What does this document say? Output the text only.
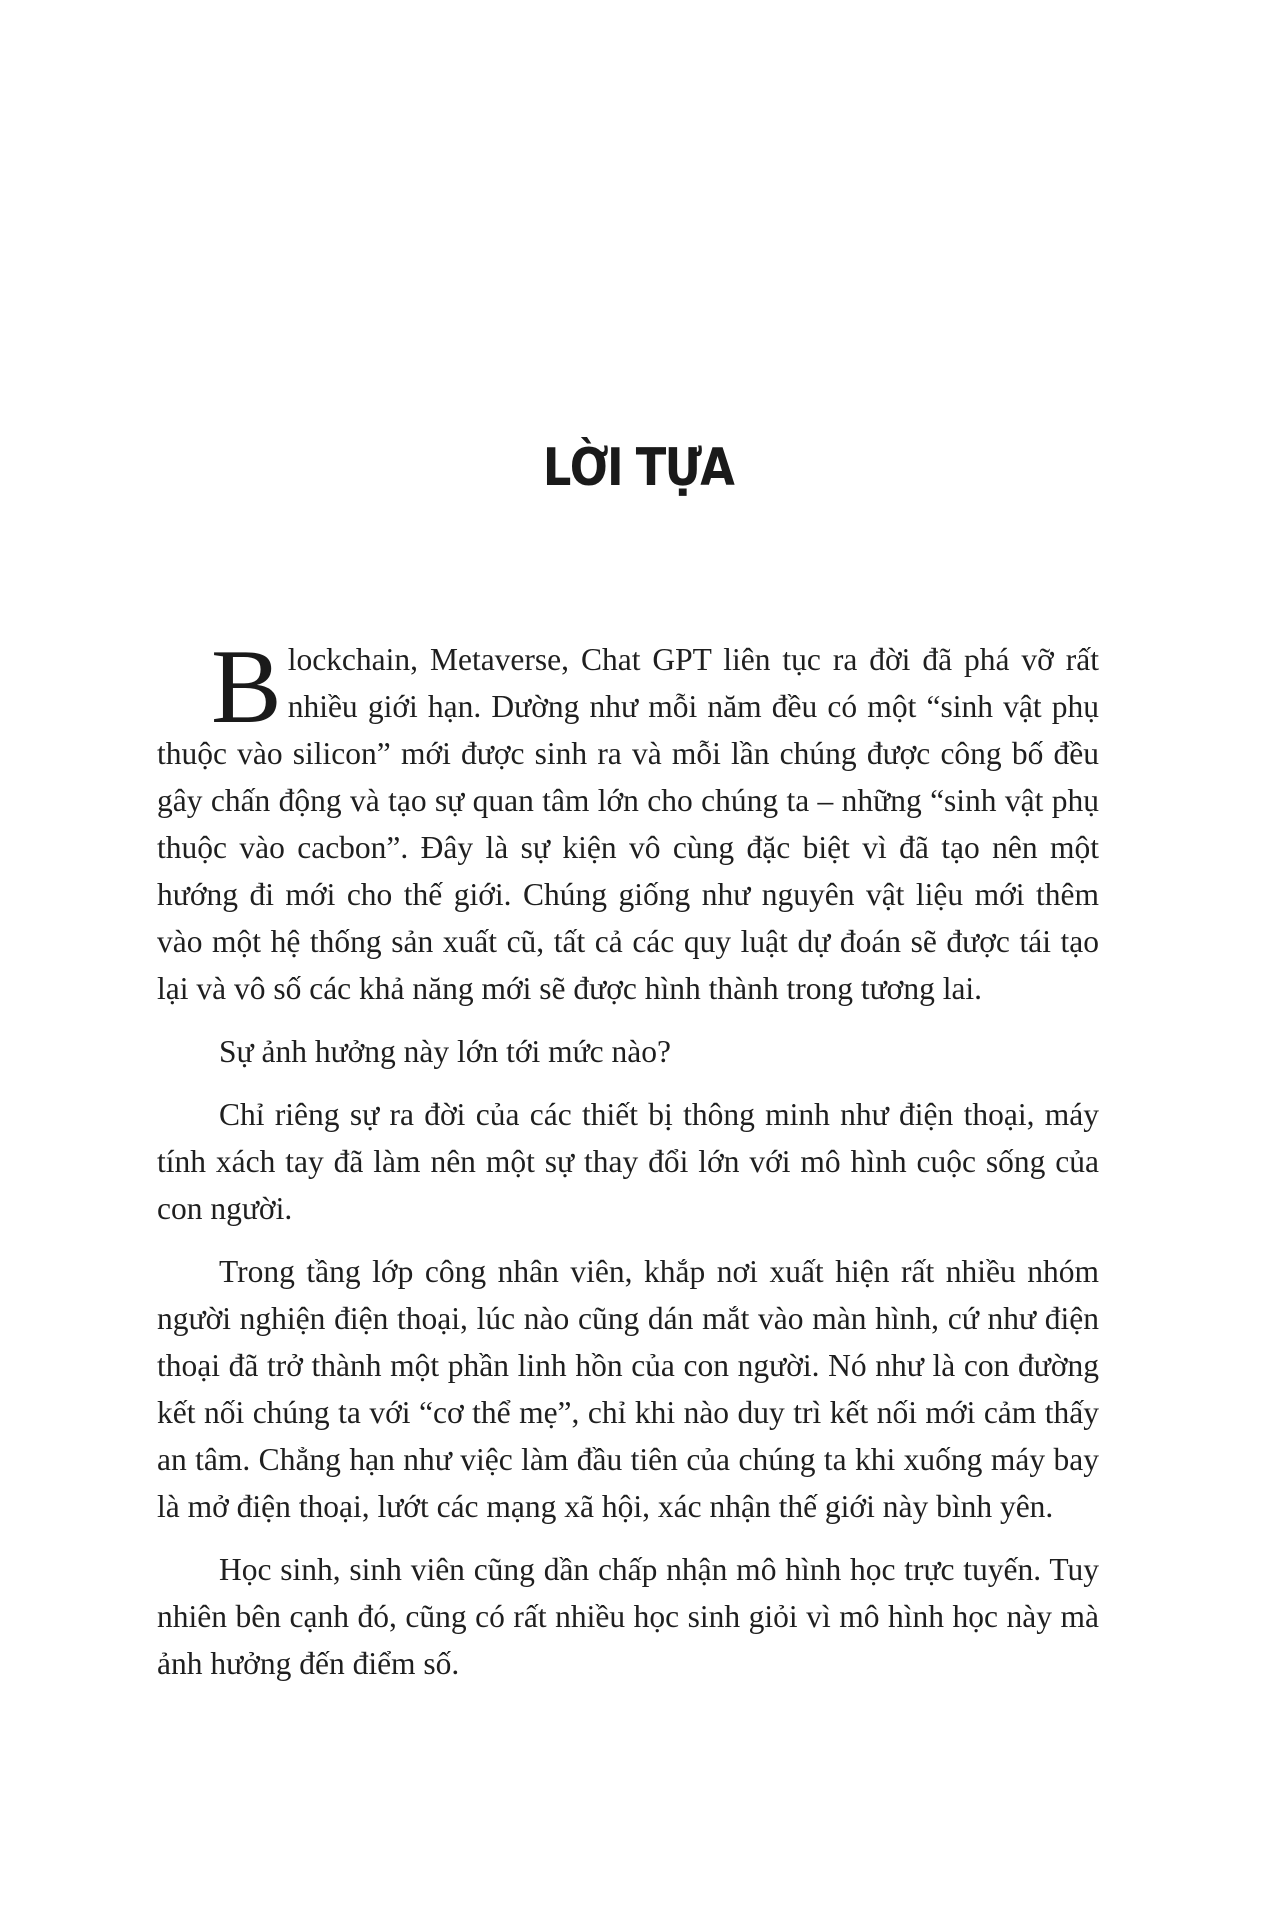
LỜI TỰA

Blockchain, Metaverse, Chat GPT liên tục ra đời đã phá vỡ rất nhiều giới hạn. Dường như mỗi năm đều có một “sinh vật phụ thuộc vào silicon” mới được sinh ra và mỗi lần chúng được công bố đều gây chấn động và tạo sự quan tâm lớn cho chúng ta – những “sinh vật phụ thuộc vào cacbon”. Đây là sự kiện vô cùng đặc biệt vì đã tạo nên một hướng đi mới cho thế giới. Chúng giống như nguyên vật liệu mới thêm vào một hệ thống sản xuất cũ, tất cả các quy luật dự đoán sẽ được tái tạo lại và vô số các khả năng mới sẽ được hình thành trong tương lai.

Sự ảnh hưởng này lớn tới mức nào?

Chỉ riêng sự ra đời của các thiết bị thông minh như điện thoại, máy tính xách tay đã làm nên một sự thay đổi lớn với mô hình cuộc sống của con người.

Trong tầng lớp công nhân viên, khắp nơi xuất hiện rất nhiều nhóm người nghiện điện thoại, lúc nào cũng dán mắt vào màn hình, cứ như điện thoại đã trở thành một phần linh hồn của con người. Nó như là con đường kết nối chúng ta với “cơ thể mẹ”, chỉ khi nào duy trì kết nối mới cảm thấy an tâm. Chẳng hạn như việc làm đầu tiên của chúng ta khi xuống máy bay là mở điện thoại, lướt các mạng xã hội, xác nhận thế giới này bình yên.

Học sinh, sinh viên cũng dần chấp nhận mô hình học trực tuyến. Tuy nhiên bên cạnh đó, cũng có rất nhiều học sinh giỏi vì mô hình học này mà ảnh hưởng đến điểm số.
